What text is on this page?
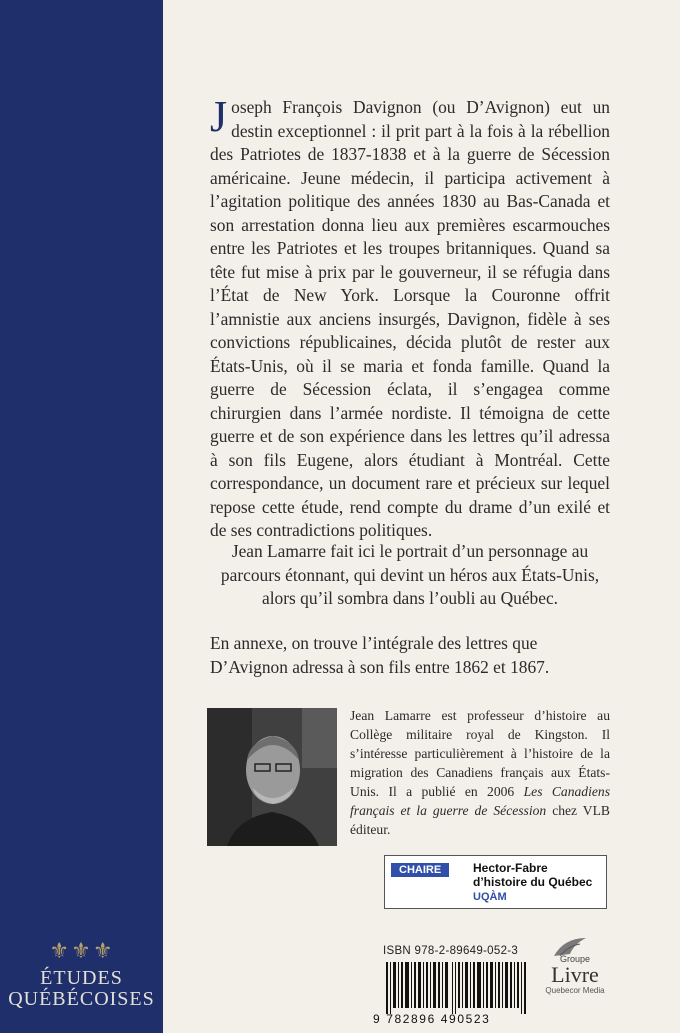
⚜⚜⚜
ÉTUDES
QUÉBÉCOISES

Joseph François Davignon (ou D’Avignon) eut un destin exceptionnel : il prit part à la fois à la rébellion des Patriotes de 1837-1838 et à la guerre de Sécession américaine. Jeune médecin, il participa activement à l’agitation politique des années 1830 au Bas-Canada et son arrestation donna lieu aux premières escarmouches entre les Patriotes et les troupes britanniques. Quand sa tête fut mise à prix par le gouverneur, il se réfugia dans l’État de New York. Lorsque la Couronne offrit l’amnistie aux anciens insurgés, Davignon, fidèle à ses convictions républicaines, décida plutôt de rester aux États-Unis, où il se maria et fonda famille. Quand la guerre de Sécession éclata, il s’engagea comme chirurgien dans l’armée nordiste. Il témoigna de cette guerre et de son expérience dans les lettres qu’il adressa à son fils Eugene, alors étudiant à Montréal. Cette correspondance, un document rare et précieux sur lequel repose cette étude, rend compte du drame d’un exilé et de ses contradictions politiques.

Jean Lamarre fait ici le portrait d’un personnage au parcours étonnant, qui devint un héros aux États-Unis, alors qu’il sombra dans l’oubli au Québec.

En annexe, on trouve l’intégrale des lettres que D’Avignon adressa à son fils entre 1862 et 1867.

Jean Lamarre est professeur d’histoire au Collège militaire royal de Kingston. Il s’intéresse particulièrement à l’histoire de la migration des Canadiens français aux États-Unis. Il a publié en 2006 Les Canadiens français et la guerre de Sécession chez VLB éditeur.

CHAIRE	Hector-Fabre
d’histoire du Québec
UQÀM
ISBN 978-2-89649-052-3
9 782896 490523
Groupe
Livre
Quebecor Media
